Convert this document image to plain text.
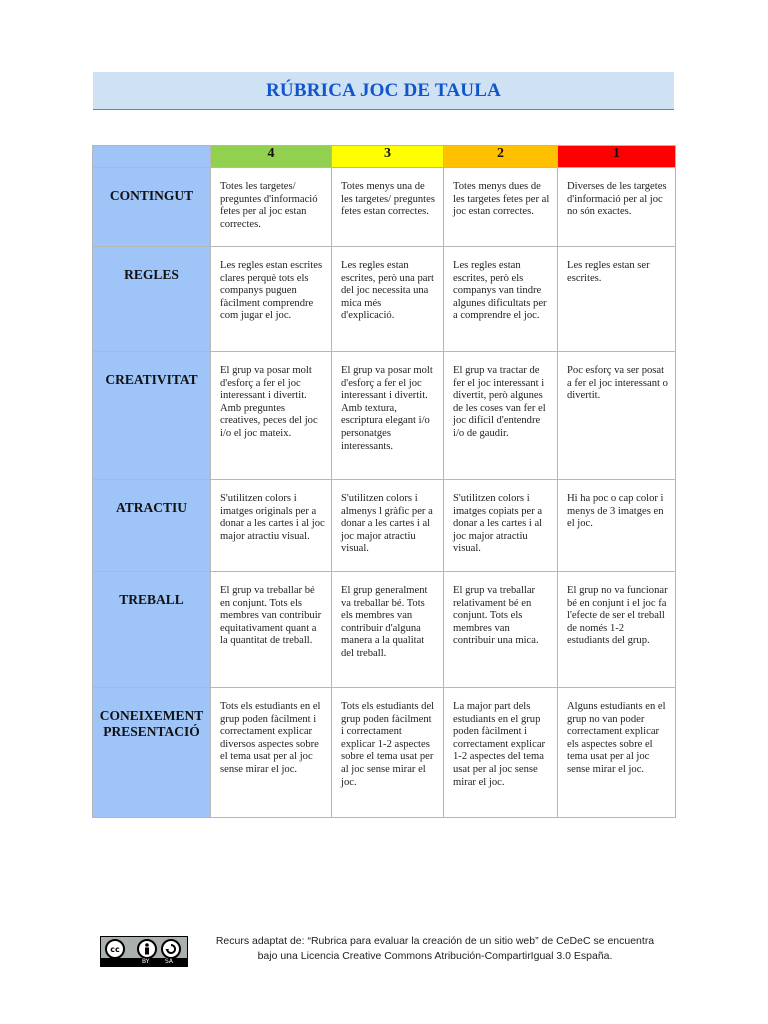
RÚBRICA JOC DE TAULA
	4	3	2	1

CONTINGUT	Totes les targetes/ preguntes d'informació fetes per al joc estan correctes.	Totes menys una de les targetes/ preguntes fetes estan correctes.	Totes menys dues de les targetes fetes per al joc estan correctes.	Diverses de les targetes d'informació per al joc no són exactes.

REGLES	Les regles estan escrites clares perquè tots els companys puguen fàcilment comprendre com jugar el joc.	Les regles estan escrites, però una part del joc necessita una mica més d'explicació.	Les regles estan escrites, però els companys van tindre algunes dificultats per a comprendre el joc.	Les regles estan ser escrites.

CREATIVITAT	El grup va posar molt d'esforç a fer el joc interessant i divertit. Amb preguntes creatives, peces del joc i/o el joc mateix.	El grup va posar molt d'esforç a fer el joc interessant i divertit. Amb textura, escriptura elegant i/o personatges interessants.	El grup va tractar de fer el joc interessant i divertit, però algunes de les coses van fer el joc difícil d'entendre i/o de gaudir.	Poc esforç va ser posat a fer el joc interessant o divertit.

ATRACTIU	S'utilitzen colors i imatges originals per a donar a les cartes i al joc major atractiu visual.	S'utilitzen colors i almenys l gràfic per a donar a les cartes i al joc major atractiu visual.	S'utilitzen colors i imatges copiats per a donar a les cartes i al joc major atractiu visual.	Hi ha poc o cap color i menys de 3 imatges en el joc.

TREBALL	El grup va treballar bé en conjunt. Tots els membres van contribuir equitativament quant a la quantitat de treball.	El grup generalment va treballar bé. Tots els membres van contribuir d'alguna manera a la qualitat del treball.	El grup va treballar relativament bé en conjunt. Tots els membres van contribuir una mica.	El grup no va funcionar bé en conjunt i el joc fa l'efecte de ser el treball de només 1-2 estudiants del grup.

CONEIXEMENT PRESENTACIÓ	Tots els estudiants en el grup poden fàcilment i correctament explicar diversos aspectes sobre el tema usat per al joc sense mirar el joc.	Tots els estudiants del grup poden fàcilment i correctament explicar 1-2 aspectes sobre el tema usat per al joc sense mirar el joc.	La major part dels estudiants en el grup poden fàcilment i correctament explicar 1-2 aspectes del tema usat per al joc sense mirar el joc.	Alguns estudiants en el grup no van poder correctament explicar els aspectes sobre el tema usat per al joc sense mirar el joc.
cc
BY	SA
Recurs adaptat de: “Rubrica para evaluar la creación de un sitio web” de CeDeC se encuentra
bajo una Licencia Creative Commons Atribución-CompartirIgual 3.0 España.
